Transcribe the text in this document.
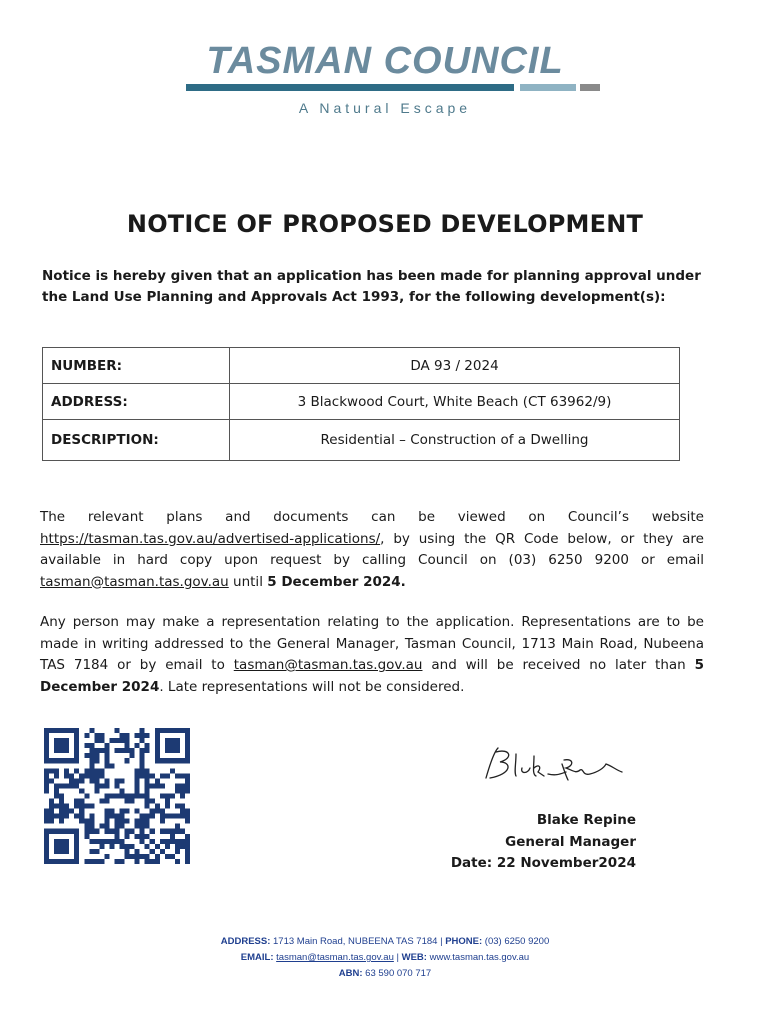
TASMAN COUNCIL
A Natural Escape
NOTICE OF PROPOSED DEVELOPMENT
Notice is hereby given that an application has been made for planning approval under the Land Use Planning and Approvals Act 1993, for the following development(s):
NUMBER:	DA 93 / 2024
ADDRESS:	3 Blackwood Court, White Beach (CT 63962/9)
DESCRIPTION:	Residential – Construction of a Dwelling
The relevant plans and documents can be viewed on Council’s website https://tasman.tas.gov.au/advertised-applications/, by using the QR Code below, or they are available in hard copy upon request by calling Council on (03) 6250 9200 or email tasman@tasman.tas.gov.au until 5 December 2024.
Any person may make a representation relating to the application. Representations are to be made in writing addressed to the General Manager, Tasman Council, 1713 Main Road, Nubeena TAS 7184 or by email to tasman@tasman.tas.gov.au and will be received no later than 5 December 2024. Late representations will not be considered.
Blake Repine
General Manager
Date: 22 November2024
ADDRESS: 1713 Main Road, NUBEENA TAS 7184 | PHONE: (03) 6250 9200
EMAIL: tasman@tasman.tas.gov.au | WEB: www.tasman.tas.gov.au
ABN: 63 590 070 717
